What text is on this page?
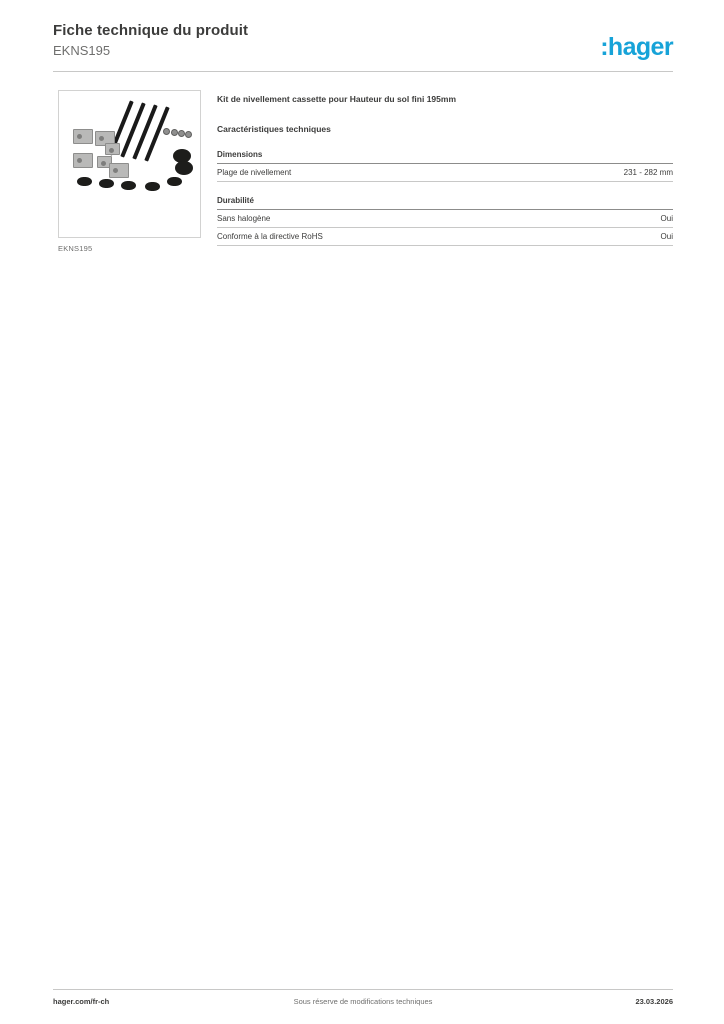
Fiche technique du produit
EKNS195	:hager
EKNS195
Kit de nivellement cassette pour Hauteur du sol fini 195mm
Caractéristiques techniques
Dimensions
Plage de nivellement	231 - 282 mm
Durabilité
Sans halogène	Oui
Conforme à la directive RoHS	Oui
Sous réserve de modifications techniques
hager.com/fr-ch	23.03.2026
